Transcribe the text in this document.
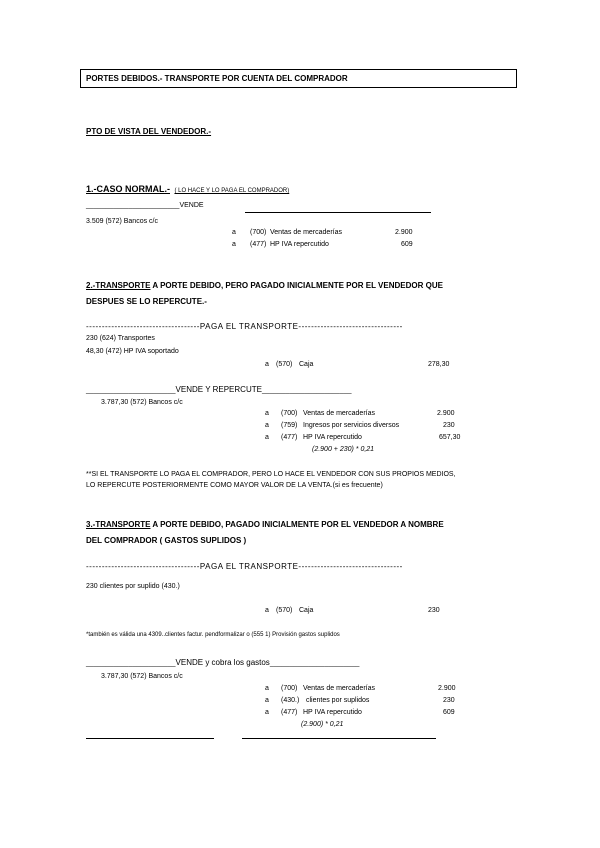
PORTES DEBIDOS.- TRANSPORTE POR CUENTA DEL COMPRADOR
PTO DE VISTA DEL VENDEDOR.-
1.-CASO NORMAL.- ( LO HACE Y LO PAGA EL COMPRADOR)
________________________VENDE
3.509 (572) Bancos c/c
a (700) Ventas de mercaderías	2.900
a (477) HP IVA repercutido	609
2.-TRANSPORTE A PORTE DEBIDO, PERO PAGADO INICIALMENTE POR EL VENDEDOR QUE
DESPUES SE LO REPERCUTE.-
------------------------------------PAGA EL TRANSPORTE---------------------------------
230 (624) Transportes
48,30 (472) HP IVA soportado
a (570) Caja	278,30
_______________________VENDE Y REPERCUTE_______________________
3.787,30 (572) Bancos c/c
a (700) Ventas de mercaderías	2.900
a (759) Ingresos por servicios diversos	230
a (477) HP IVA repercutido	657,30
(2.900 + 230) * 0,21
**SI EL TRANSPORTE LO PAGA EL COMPRADOR, PERO LO HACE EL VENDEDOR CON SUS PROPIOS MEDIOS,
LO REPERCUTE POSTERIORMENTE COMO MAYOR VALOR DE LA VENTA.(si es frecuente)
3.-TRANSPORTE A PORTE DEBIDO, PAGADO INICIALMENTE POR EL VENDEDOR A NOMBRE
DEL COMPRADOR ( GASTOS SUPLIDOS )
------------------------------------PAGA EL TRANSPORTE---------------------------------
230 clientes por suplido (430.)
a (570) Caja	230
*también es válida una 4309..clientes factur. pendformalizar o (555 1) Provisión gastos suplidos
_______________________VENDE y cobra los gastos_______________________
3.787,30 (572) Bancos c/c
a (700) Ventas de mercaderías	2.900
a (430.) clientes por suplidos	230
a (477) HP IVA repercutido	609
(2.900) * 0,21
